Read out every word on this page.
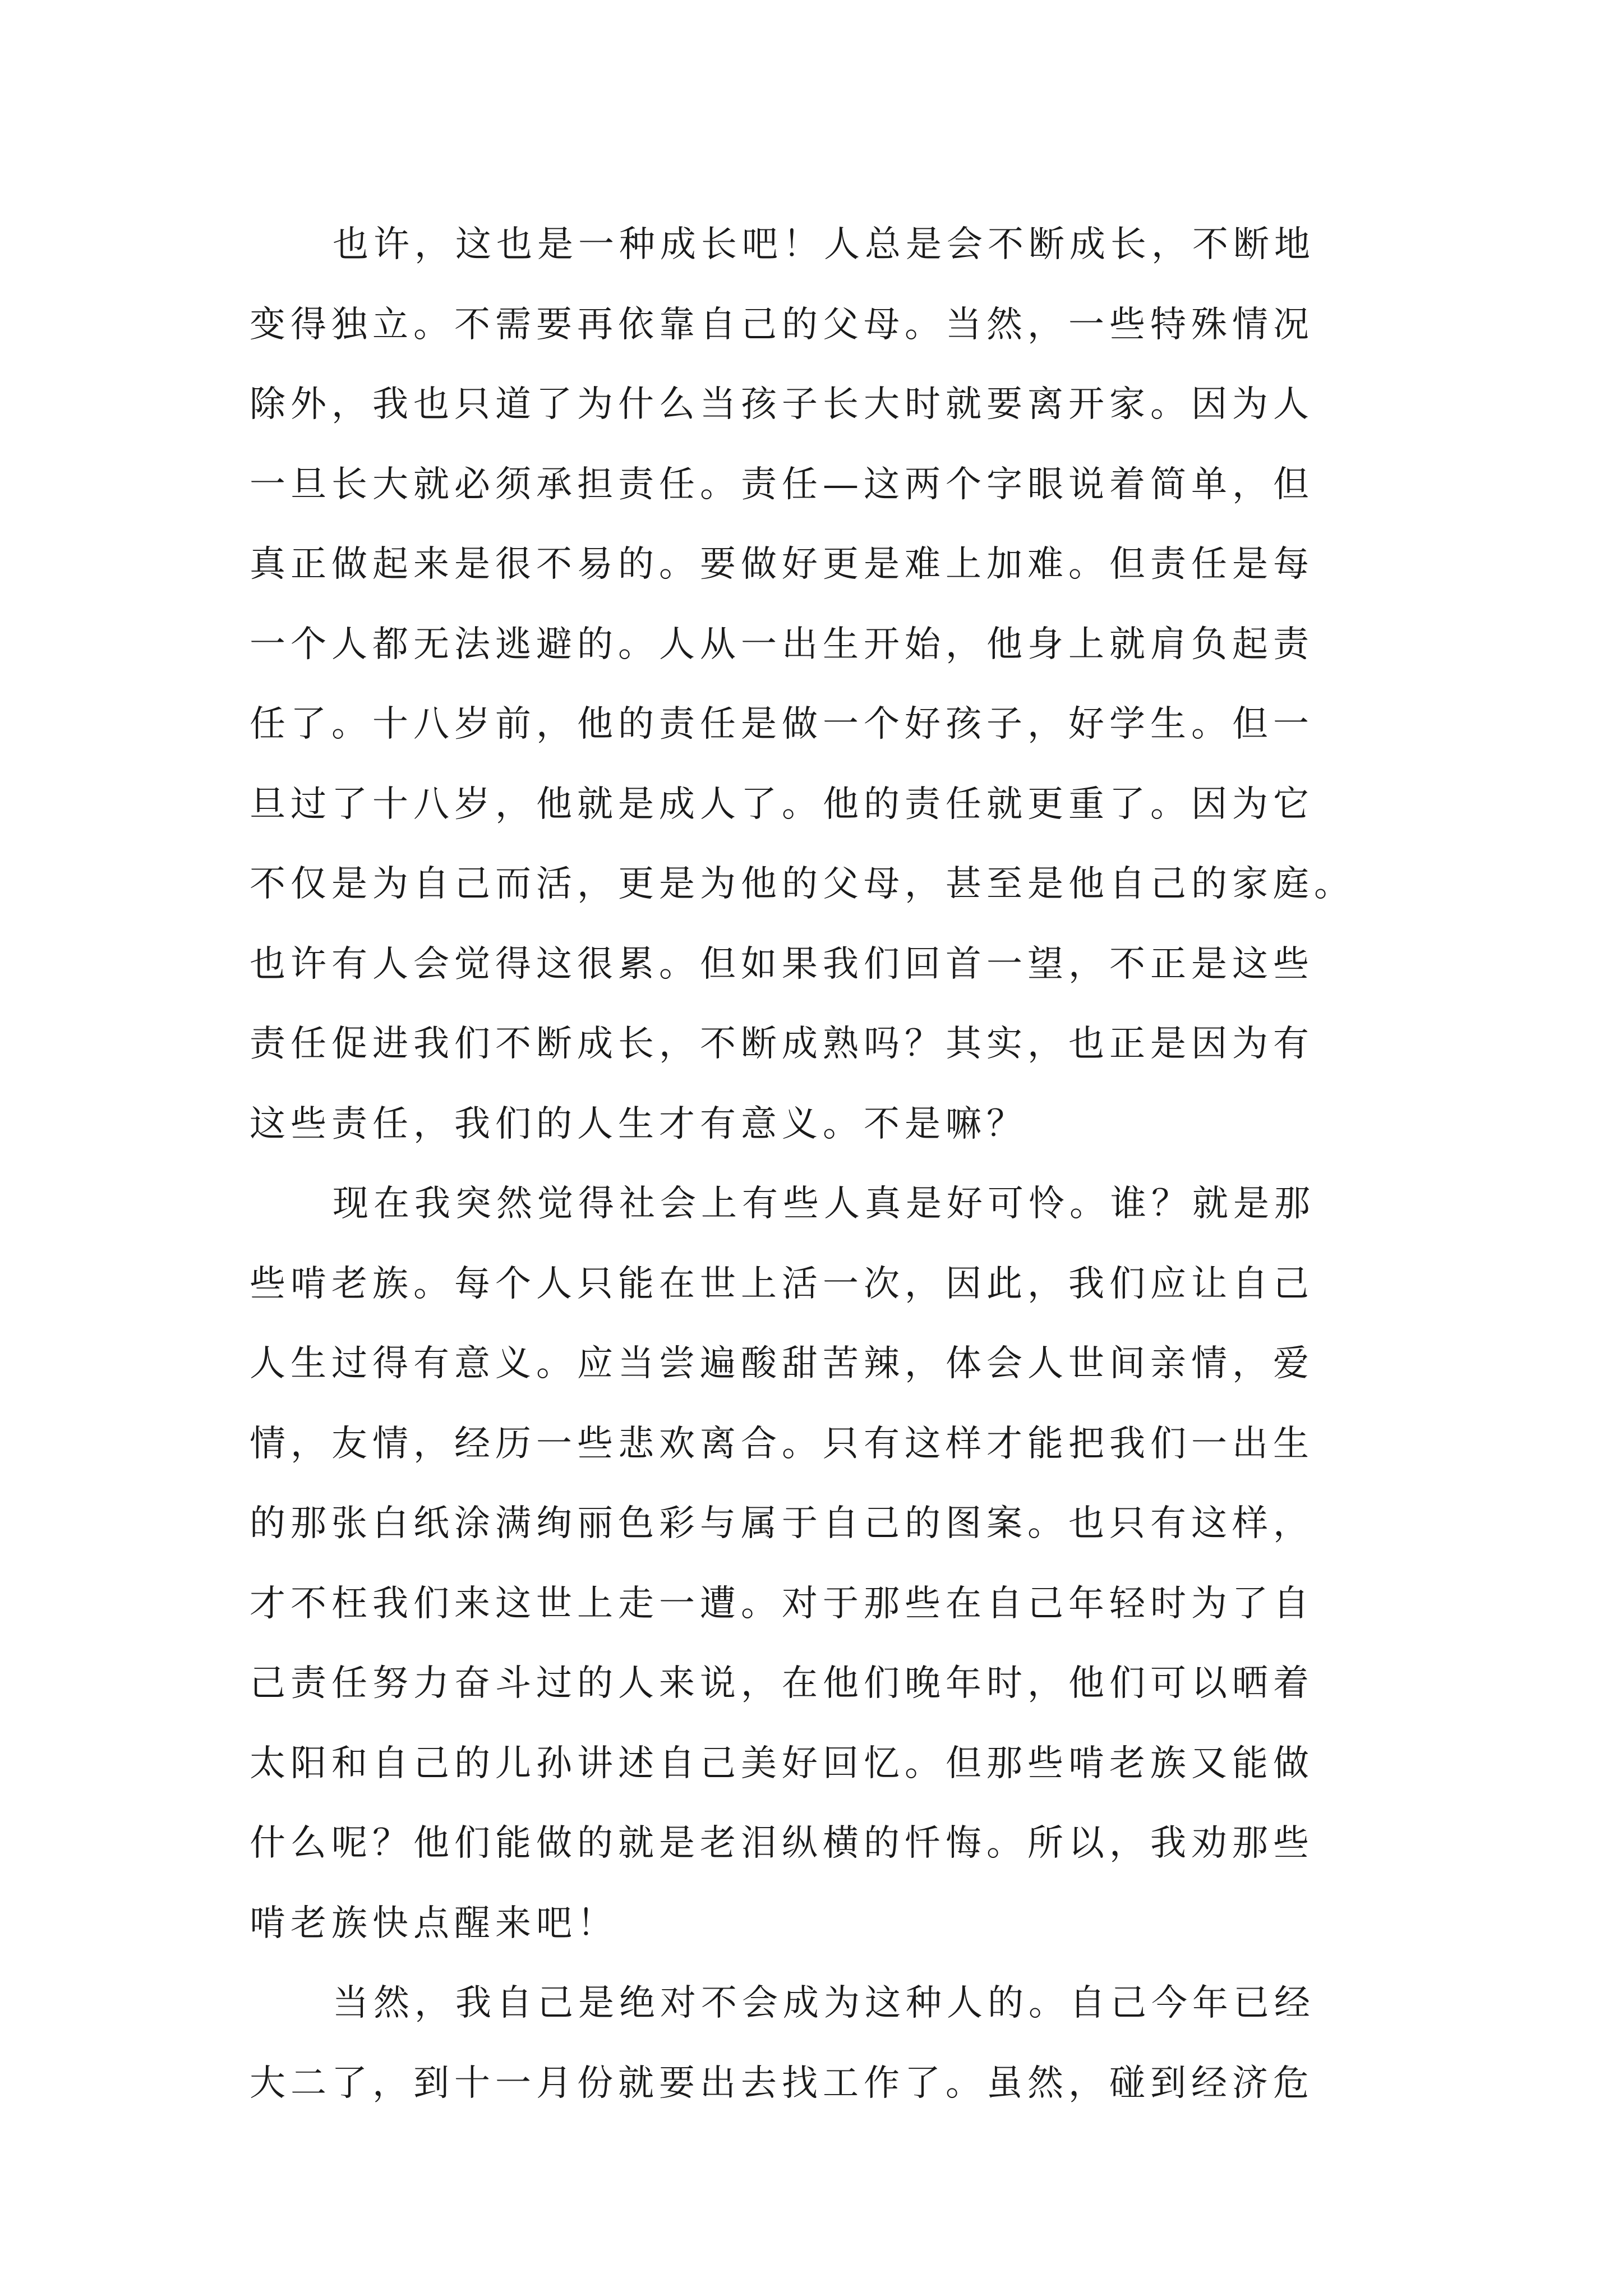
也许，这也是一种成长吧！人总是会不断成长，不断地
变得独立。不需要再依靠自己的父母。当然，一些特殊情况
除外，我也只道了为什么当孩子长大时就要离开家。因为人
一旦长大就必须承担责任。责任—这两个字眼说着简单，但
真正做起来是很不易的。要做好更是难上加难。但责任是每
一个人都无法逃避的。人从一出生开始，他身上就肩负起责
任了。十八岁前，他的责任是做一个好孩子，好学生。但一
旦过了十八岁，他就是成人了。他的责任就更重了。因为它
不仅是为自己而活，更是为他的父母，甚至是他自己的家庭。
也许有人会觉得这很累。但如果我们回首一望，不正是这些
责任促进我们不断成长，不断成熟吗？其实，也正是因为有
这些责任，我们的人生才有意义。不是嘛？
现在我突然觉得社会上有些人真是好可怜。谁？就是那
些啃老族。每个人只能在世上活一次，因此，我们应让自己
人生过得有意义。应当尝遍酸甜苦辣，体会人世间亲情，爱
情，友情，经历一些悲欢离合。只有这样才能把我们一出生
的那张白纸涂满绚丽色彩与属于自己的图案。也只有这样，
才不枉我们来这世上走一遭。对于那些在自己年轻时为了自
己责任努力奋斗过的人来说，在他们晚年时，他们可以晒着
太阳和自己的儿孙讲述自己美好回忆。但那些啃老族又能做
什么呢？他们能做的就是老泪纵横的忏悔。所以，我劝那些
啃老族快点醒来吧！
当然，我自己是绝对不会成为这种人的。自己今年已经
大二了，到十一月份就要出去找工作了。虽然，碰到经济危
